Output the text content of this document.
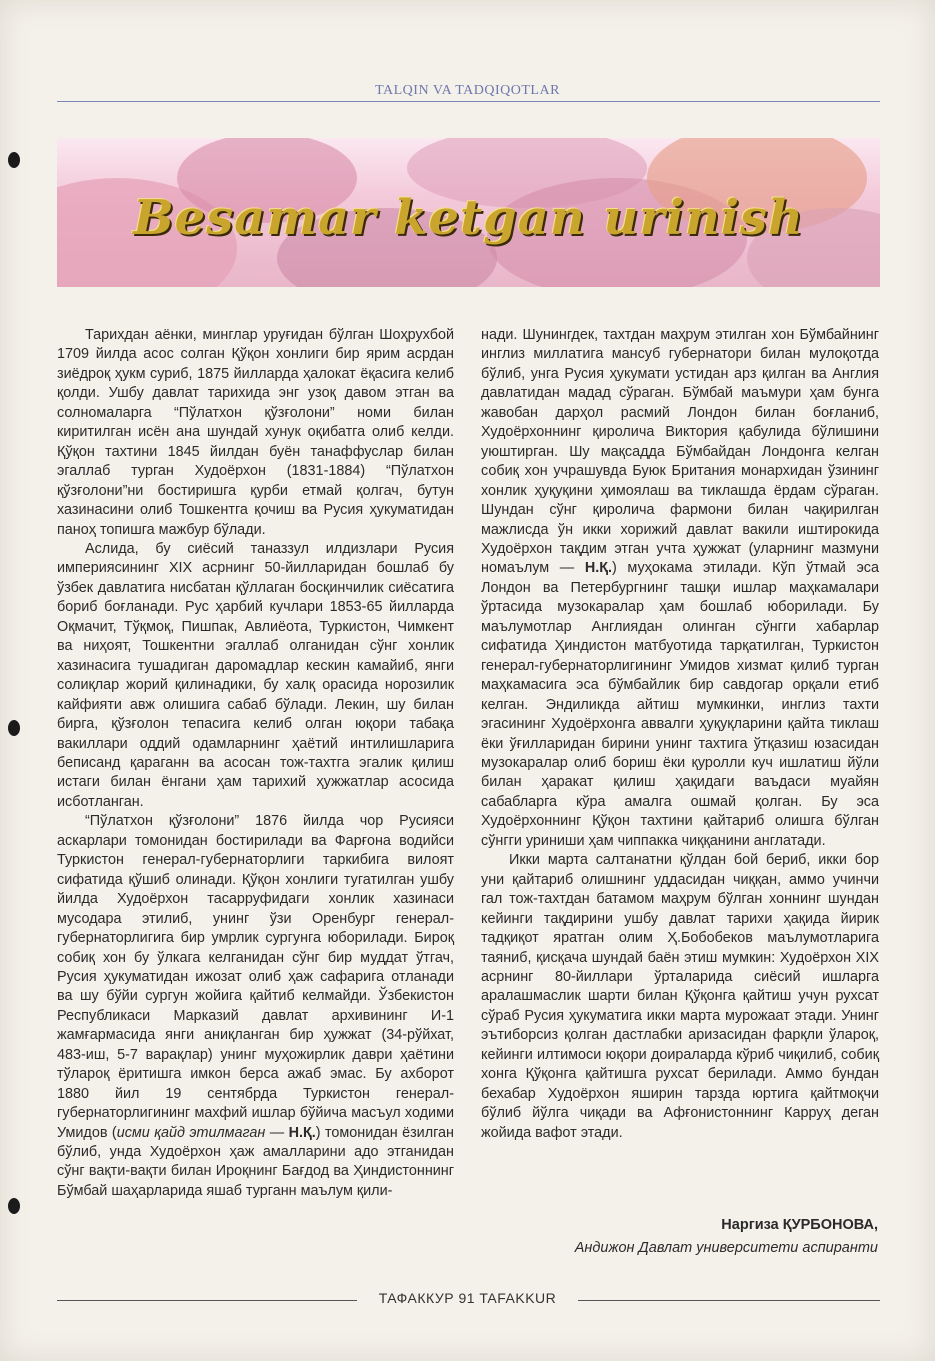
TALQIN VA TADQIQOTLAR
Besamar ketgan urinish

Тарихдан аёнки, минглар уруғидан бўлган Шоҳрухбой 1709 йилда асос солган Қўқон хонлиги бир ярим асрдан зиёдроқ ҳукм суриб, 1875 йилларда ҳалокат ёқасига келиб қолди. Ушбу давлат тарихида энг узоқ давом этган ва солномаларга “Пўлатхон қўзғолони” номи билан киритилган исён ана шундай хунук оқибатга олиб келди. Қўқон тахтини 1845 йилдан буён танаффуслар билан эгаллаб турган Худоёрхон (1831-1884) “Пўлатхон қўзғолони”ни бостиришга қурби етмай қолгач, бутун хазинасини олиб Тошкентга қочиш ва Русия ҳукуматидан паноҳ топишга мажбур бўлади.

Аслида, бу сиёсий таназзул илдизлари Русия империясининг XIX асрнинг 50-йилларидан бошлаб бу ўзбек давлатига нисбатан қўллаган босқинчилик сиёсатига бориб боғланади. Рус ҳарбий кучлари 1853-65 йилларда Оқмачит, Тўқмоқ, Пишпак, Авлиёота, Туркистон, Чимкент ва ниҳоят, Тошкентни эгаллаб олганидан сўнг хонлик хазинасига тушадиган даромадлар кескин камайиб, янги солиқлар жорий қилинадики, бу халқ орасида норозилик кайфияти авж олишига сабаб бўлади. Лекин, шу билан бирга, қўзғолон тепасига келиб олган юқори табақа вакиллари оддий одамларнинг ҳаётий интилишларига беписанд қараганн ва асосан тож-тахтга эгалик қилиш истаги билан ёнгани ҳам тарихий ҳужжатлар асосида исботланган.

“Пўлатхон қўзғолони” 1876 йилда чор Русияси аскарлари томонидан бостирилади ва Фарғона водийси Туркистон генерал-губернаторлиги таркибига вилоят сифатида қўшиб олинади. Қўқон хонлиги тугатилган ушбу йилда Худоёрхон тасарруфидаги хонлик хазинаси мусодара этилиб, унинг ўзи Оренбург генерал-губернаторлигига бир умрлик сургунга юборилади. Бироқ собиқ хон бу ўлкага келганидан сўнг бир муддат ўтгач, Русия ҳукуматидан ижозат олиб ҳаж сафарига отланади ва шу бўйи сургун жойига қайтиб келмайди. Ўзбекистон Республикаси Марказий давлат архивининг И-1 жамғармасида янги аниқланган бир ҳужжат (34-рўйхат, 483-иш, 5-7 варақлар) унинг муҳожирлик даври ҳаётини тўларoқ ёритишга имкон берса ажаб эмас. Бу ахборот 1880 йил 19 сентябрда Туркистон генерал-губернаторлигининг махфий ишлар бўйича масъул ходими Умидов (исми қайд этилмаган — Н.Қ.) томонидан ёзилган бўлиб, унда Худоёрхон ҳаж амалларини адо этганидан сўнг вақти-вақти билан Ироқнинг Бағдод ва Ҳиндистоннинг Бўмбай шаҳарларида яшаб турганн маълум қили-

нади. Шунингдек, тахтдан маҳрум этилган хон Бўмбайнинг инглиз миллатига мансуб губернатори билан мулоқотда бўлиб, унга Русия ҳукумати устидан арз қилган ва Англия давлатидан мадад сўраган. Бўмбай маъмури ҳам бунга жавобан дарҳол расмий Лондон билан боғланиб, Худоёрхоннинг қиролича Виктория қабулида бўлишини уюштирган. Шу мақсадда Бўмбайдан Лондонга келган собиқ хон учрашувда Буюк Британия монархидан ўзининг хонлик ҳуқуқини ҳимоялаш ва тиклашда ёрдам сўраган. Шундан сўнг қиролича фармони билан чақирилган мажлисда ўн икки хорижий давлат вакили иштирокида Худоёрхон тақдим этган учта ҳужжат (уларнинг мазмуни номаълум — Н.Қ.) муҳокама этилади. Кўп ўтмай эса Лондон ва Петербургнинг ташқи ишлар маҳкамалари ўртасида музокаралар ҳам бошлаб юборилади. Бу маълумотлар Англиядан олинган сўнгги хабарлар сифатида Ҳиндистон матбуотида тарқатилган, Туркистон генерал-губернаторлигининг Умидов хизмат қилиб турган маҳкамасига эса бўмбайлик бир савдогар орқали етиб келган. Эндиликда айтиш мумкинки, инглиз тахти эгасининг Худоёрхонга аввалги ҳуқуқларини қайта тиклаш ёки ўғилларидан бирини унинг тахтига ўтқазиш юзасидан музокаралар олиб бориш ёки қуролли куч ишлатиш йўли билан ҳаракат қилиш ҳақидаги ваъдаси муайян сабабларга кўра амалга ошмай қолган. Бу эса Худоёрхоннинг Қўқон тахтини қайтариб олишга бўлган сўнгги уриниши ҳам чиппакка чиққанини англатади.

Икки марта салтанатни қўлдан бой бериб, икки бор уни қайтариб олишнинг уддасидан чиққан, аммо учинчи гал тож-тахтдан батамом маҳрум бўлган хоннинг шундан кейинги тақдирини ушбу давлат тарихи ҳақида йирик тадқиқот яратган олим Ҳ.Бобобеков маълумотларига таяниб, қисқача шундай баён этиш мумкин: Худоёрхон XIX асрнинг 80-йиллари ўрталарида сиёсий ишларга аралашмаслик шарти билан Қўқонга қайтиш учун рухсат сўраб Русия ҳукуматига икки марта мурожаат этади. Унинг эътиборсиз қолган дастлабки аризасидан фарқли ўлароқ, кейинги илтимоси юқори доираларда кўриб чиқилиб, собиқ хонга Қўқонга қайтишга рухсат берилади. Аммо бундан бехабар Худоёрхон яширин тарзда юртига қайтмоқчи бўлиб йўлга чиқади ва Афғонистоннинг Карруҳ деган жойида вафот этади.

Наргиза ҚУРБОНОВА,
Андижон Давлат университети аспиранти
ТАФАККУР 91 TAFAKKUR
